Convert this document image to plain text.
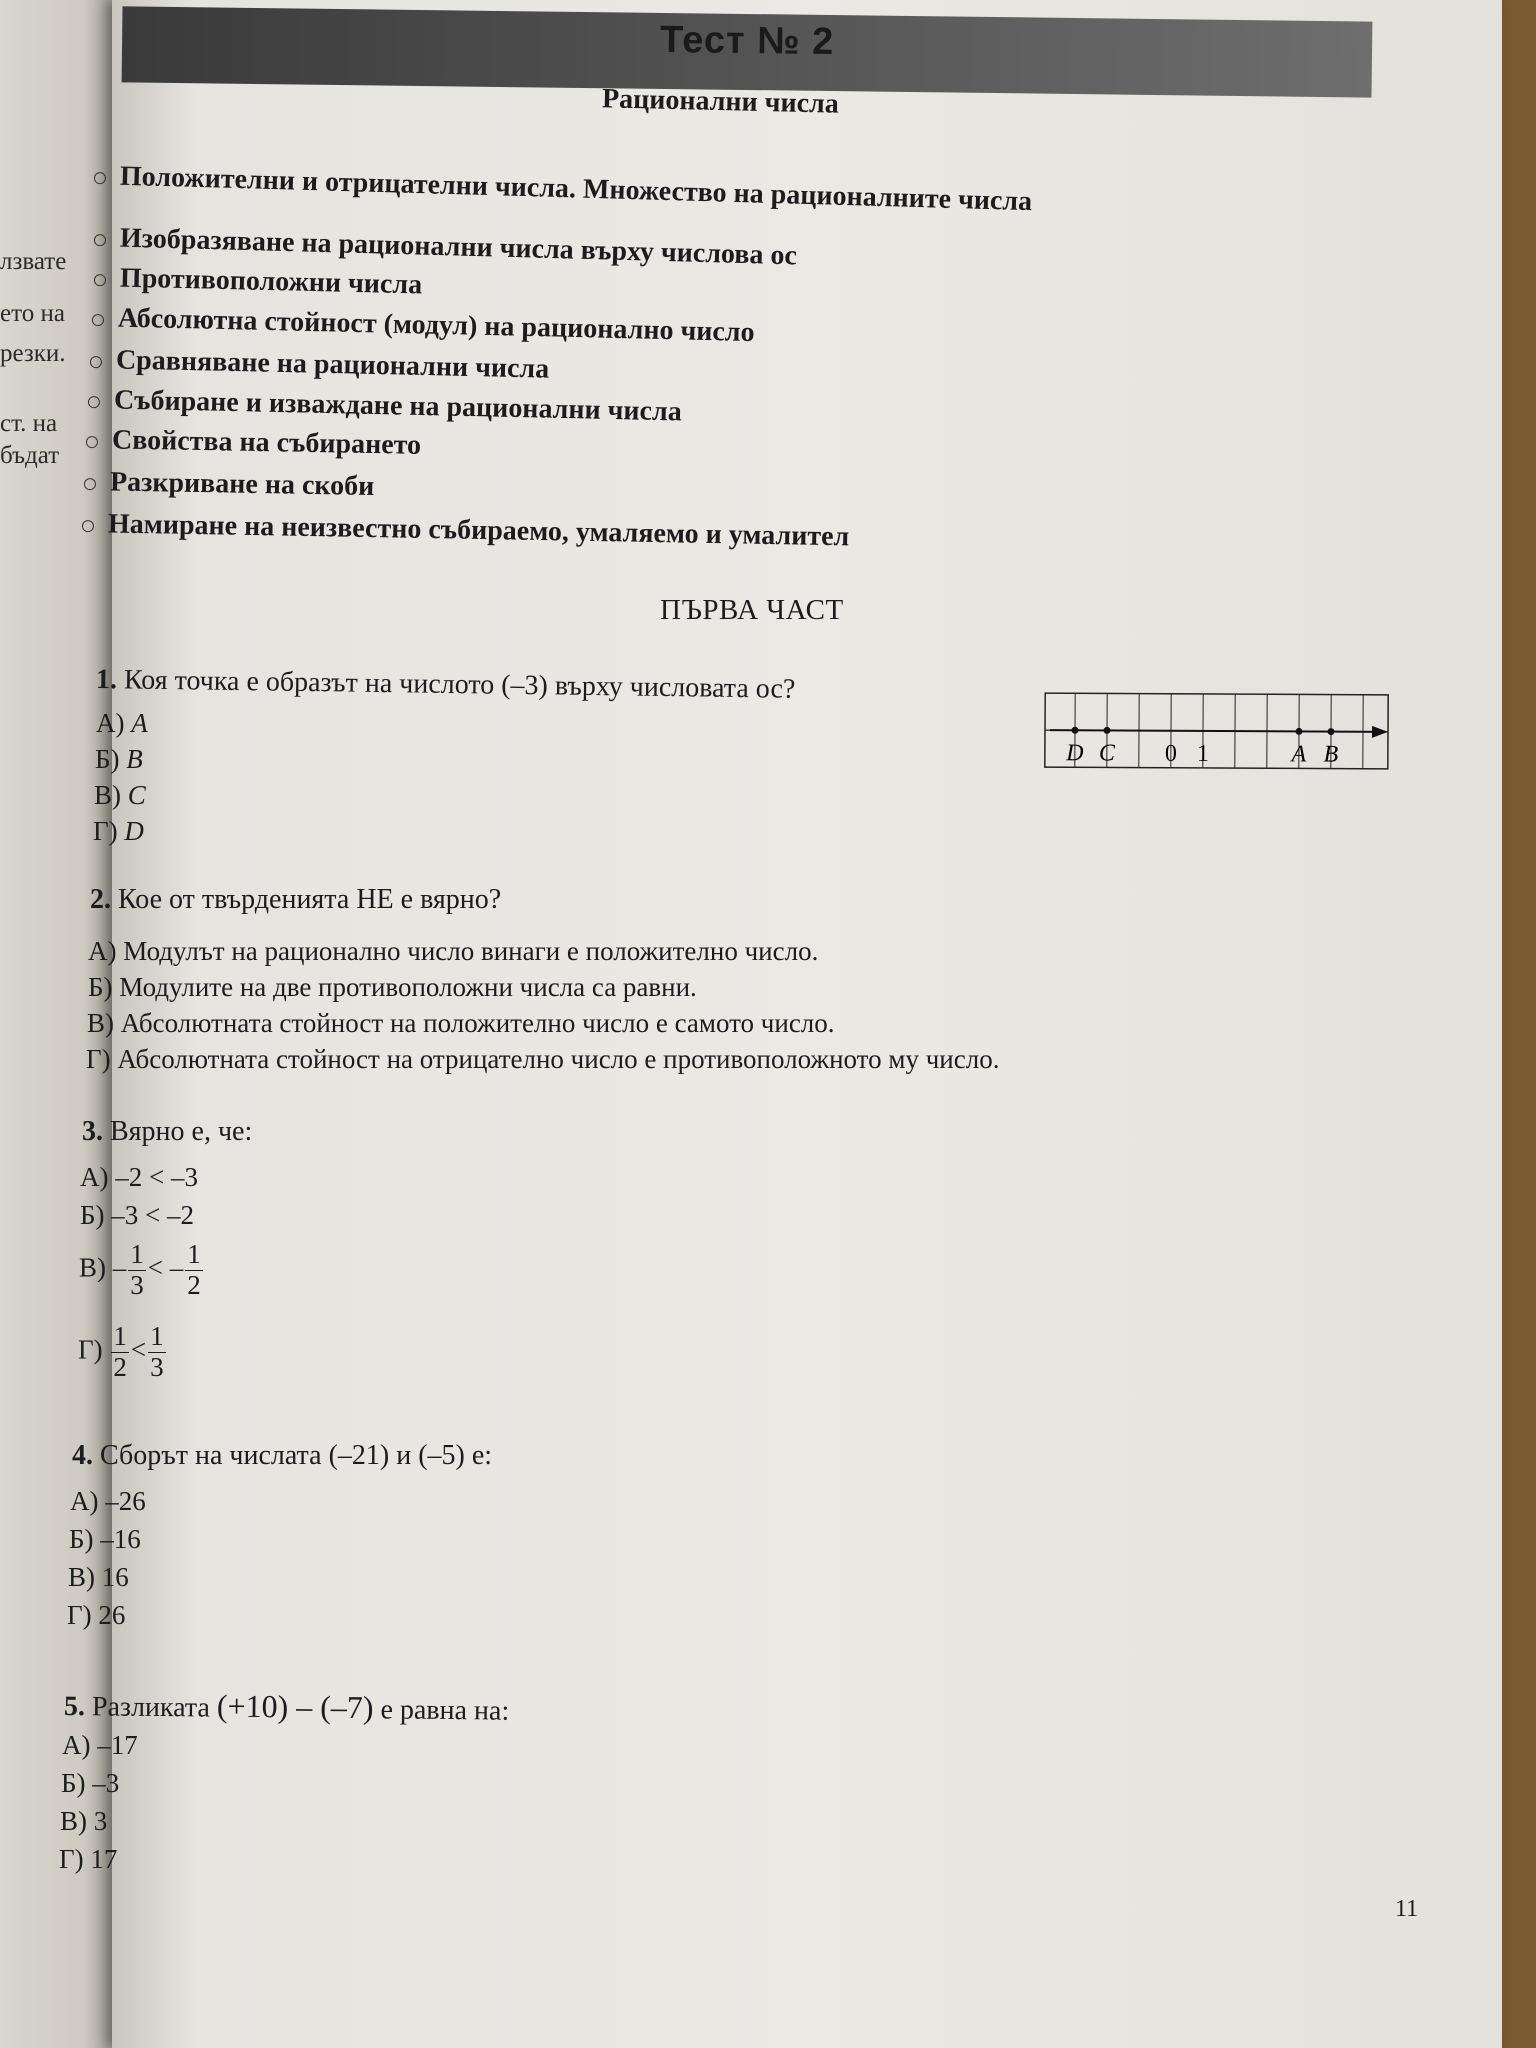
лзвате
ето на
резки.
ст. на
бъдат
Тест № 2
Рационални числа
Положителни и отрицателни числа. Множество на рационалните числа
Изобразяване на рационални числа върху числова ос
Противоположни числа
Абсолютна стойност (модул) на рационално число
Сравняване на рационални числа
Събиране и изваждане на рационални числа
Свойства на събирането
Разкриване на скоби
Намиране на неизвестно събираемо, умаляемо и умалител
ПЪРВА ЧАСТ
1. Коя точка е образът на числото (–3) върху числовата ос?
А) A
Б) B
В) C
Г) D
D C 0 1	A B
2. Кое от твърденията НЕ е вярно?
А) Модулът на рационално число винаги е положително число.
Б) Модулите на две противоположни числа са равни.
В) Абсолютната стойност на положително число е самото число.
Г) Абсолютната стойност на отрицателно число е противоположното му число.
3. Вярно е, че:
А) –2 < –3
Б) –3 < –2
$В) - \frac{1}{3}$ < – $\frac{1}{2}$
$Г) \frac{1}{2} < \frac{1}{3}$
4. Сборът на числата (–21) и (–5) е:
А) –26
Б) –16
В) 16
Г) 26
5. Разликата (+10) – (–7) е равна на:
А) –17
Б) –3
В) 3
Г) 17
11
